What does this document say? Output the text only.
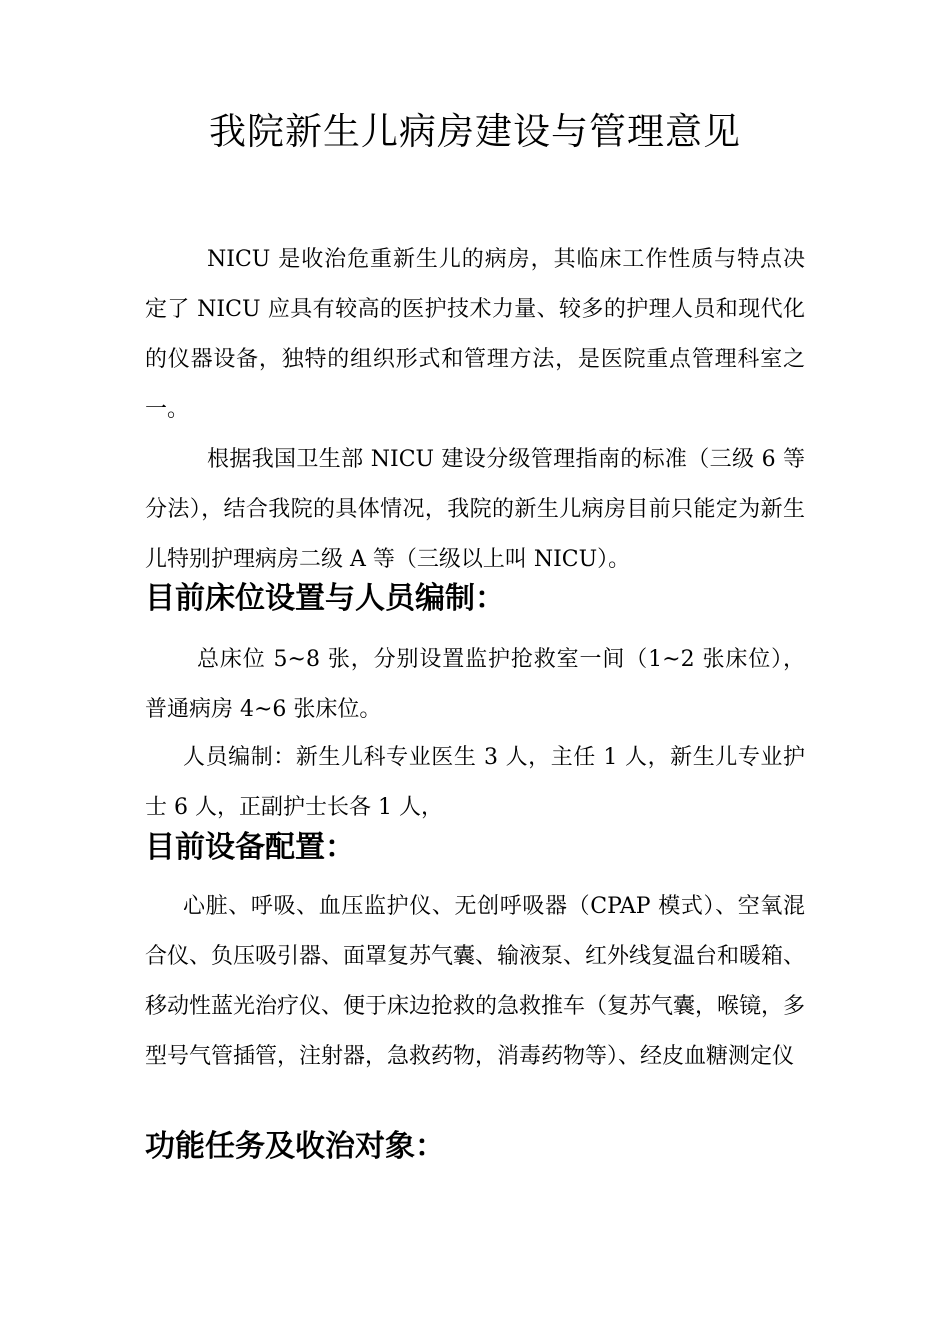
我院新生儿病房建设与管理意见

NICU 是收治危重新生儿的病房，其临床工作性质与特点决定了 NICU 应具有较高的医护技术力量、较多的护理人员和现代化的仪器设备，独特的组织形式和管理方法，是医院重点管理科室之一。

根据我国卫生部 NICU 建设分级管理指南的标准（三级 6 等分法），结合我院的具体情况，我院的新生儿病房目前只能定为新生儿特别护理病房二级 A 等（三级以上叫 NICU）。

目前床位设置与人员编制：

总床位 5~8 张，分别设置监护抢救室一间（1~2 张床位），普通病房 4~6 张床位。

人员编制：新生儿科专业医生 3 人，主任 1 人，新生儿专业护士 6 人，正副护士长各 1 人，

目前设备配置：

心脏、呼吸、血压监护仪、无创呼吸器（CPAP 模式）、空氧混合仪、负压吸引器、面罩复苏气囊、输液泵、红外线复温台和暖箱、移动性蓝光治疗仪、便于床边抢救的急救推车（复苏气囊，喉镜，多型号气管插管，注射器，急救药物，消毒药物等）、经皮血糖测定仪

功能任务及收治对象：
